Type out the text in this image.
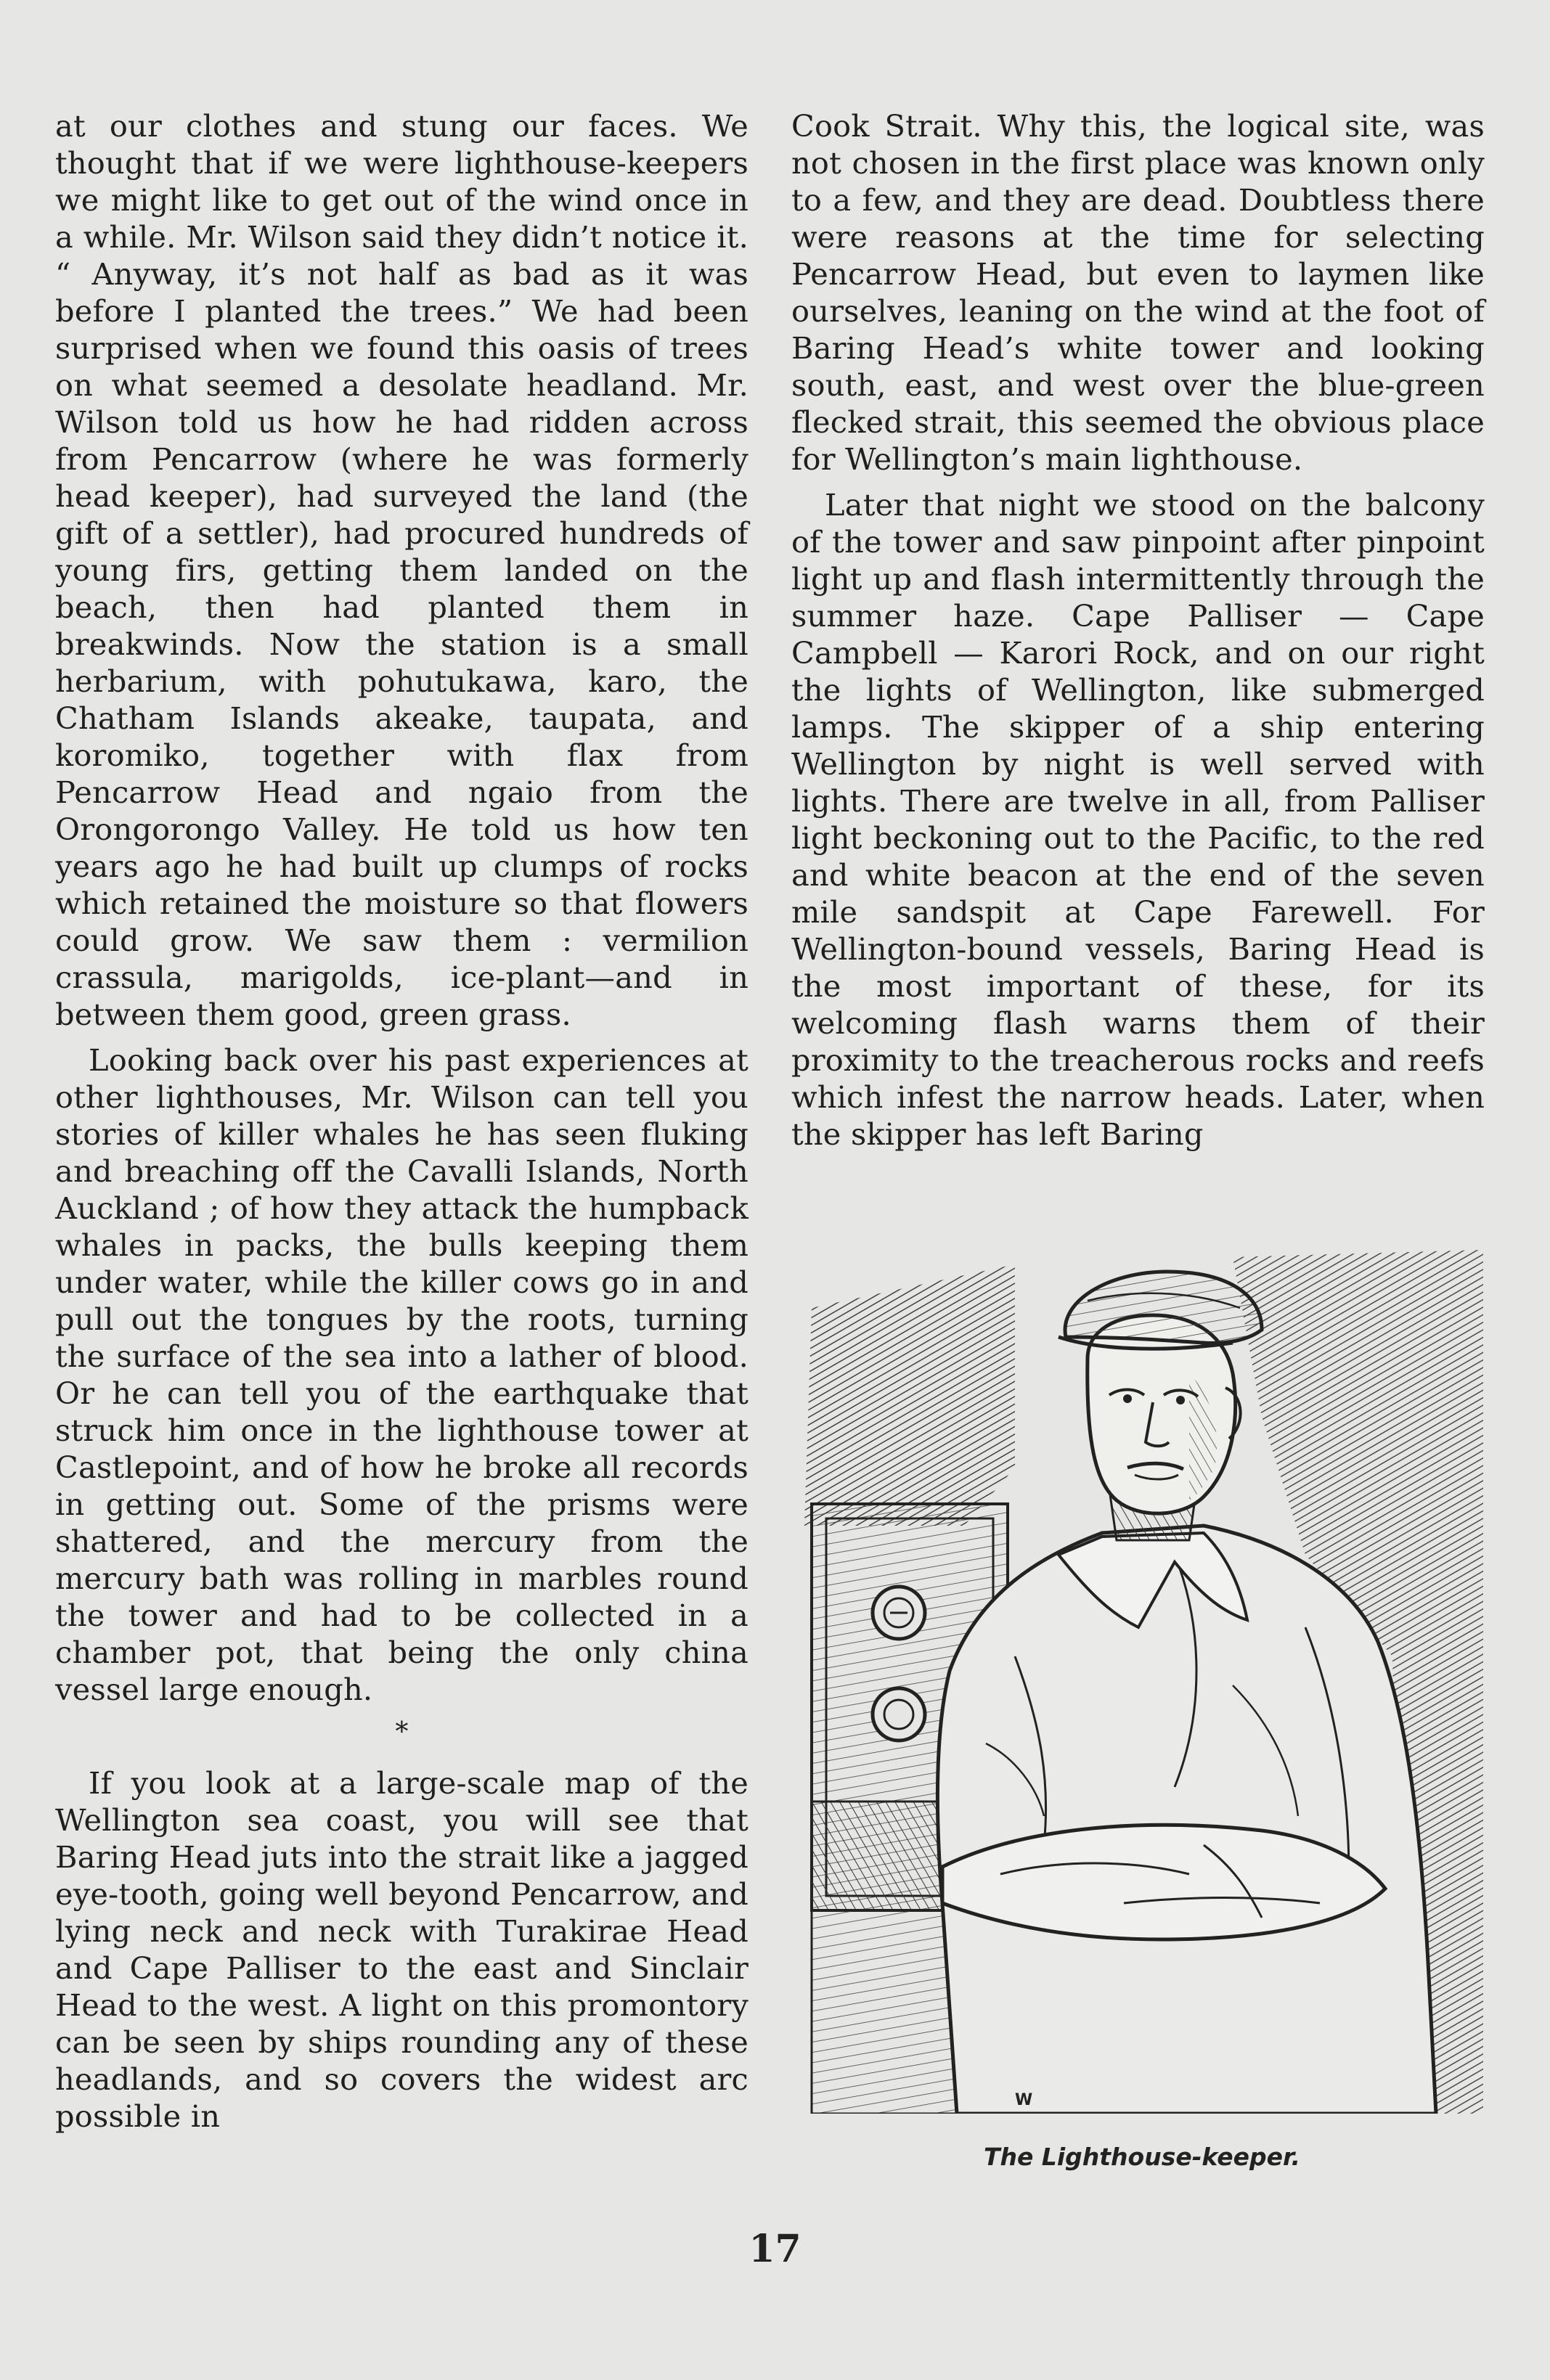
at our clothes and stung our faces. We thought that if we were lighthouse-keepers we might like to get out of the wind once in a while. Mr. Wilson said they didn’t notice it. “ Anyway, it’s not half as bad as it was before I planted the trees.” We had been surprised when we found this oasis of trees on what seemed a desolate headland. Mr. Wilson told us how he had ridden across from Pencarrow (where he was formerly head keeper), had surveyed the land (the gift of a settler), had procured hundreds of young firs, getting them landed on the beach, then had planted them in breakwinds. Now the station is a small herbarium, with pohutukawa, karo, the Chatham Islands akeake, taupata, and koromiko, together with flax from Pencarrow Head and ngaio from the Orongorongo Valley. He told us how ten years ago he had built up clumps of rocks which retained the moisture so that flowers could grow. We saw them : vermilion crassula, marigolds, ice-plant—and in between them good, green grass.

Looking back over his past experiences at other lighthouses, Mr. Wilson can tell you stories of killer whales he has seen fluking and breaching off the Cavalli Islands, North Auckland ; of how they attack the humpback whales in packs, the bulls keeping them under water, while the killer cows go in and pull out the tongues by the roots, turning the surface of the sea into a lather of blood. Or he can tell you of the earthquake that struck him once in the lighthouse tower at Castlepoint, and of how he broke all records in getting out. Some of the prisms were shattered, and the mercury from the mercury bath was rolling in marbles round the tower and had to be collected in a chamber pot, that being the only china vessel large enough.

*

If you look at a large-scale map of the Wellington sea coast, you will see that Baring Head juts into the strait like a jagged eye-tooth, going well beyond Pencarrow, and lying neck and neck with Turakirae Head and Cape Palliser to the east and Sinclair Head to the west. A light on this promontory can be seen by ships rounding any of these headlands, and so covers the widest arc possible in

Cook Strait. Why this, the logical site, was not chosen in the first place was known only to a few, and they are dead. Doubtless there were reasons at the time for selecting Pencarrow Head, but even to laymen like ourselves, leaning on the wind at the foot of Baring Head’s white tower and looking south, east, and west over the blue-green flecked strait, this seemed the obvious place for Wellington’s main lighthouse.

Later that night we stood on the balcony of the tower and saw pinpoint after pinpoint light up and flash intermittently through the summer haze. Cape Palliser — Cape Campbell — Karori Rock, and on our right the lights of Wellington, like submerged lamps. The skipper of a ship entering Wellington by night is well served with lights. There are twelve in all, from Palliser light beckoning out to the Pacific, to the red and white beacon at the end of the seven mile sandspit at Cape Farewell. For Wellington-bound vessels, Baring Head is the most important of these, for its welcoming flash warns them of their proximity to the treacherous rocks and reefs which infest the narrow heads. Later, when the skipper has left Baring

W
The Lighthouse-keeper.
17
